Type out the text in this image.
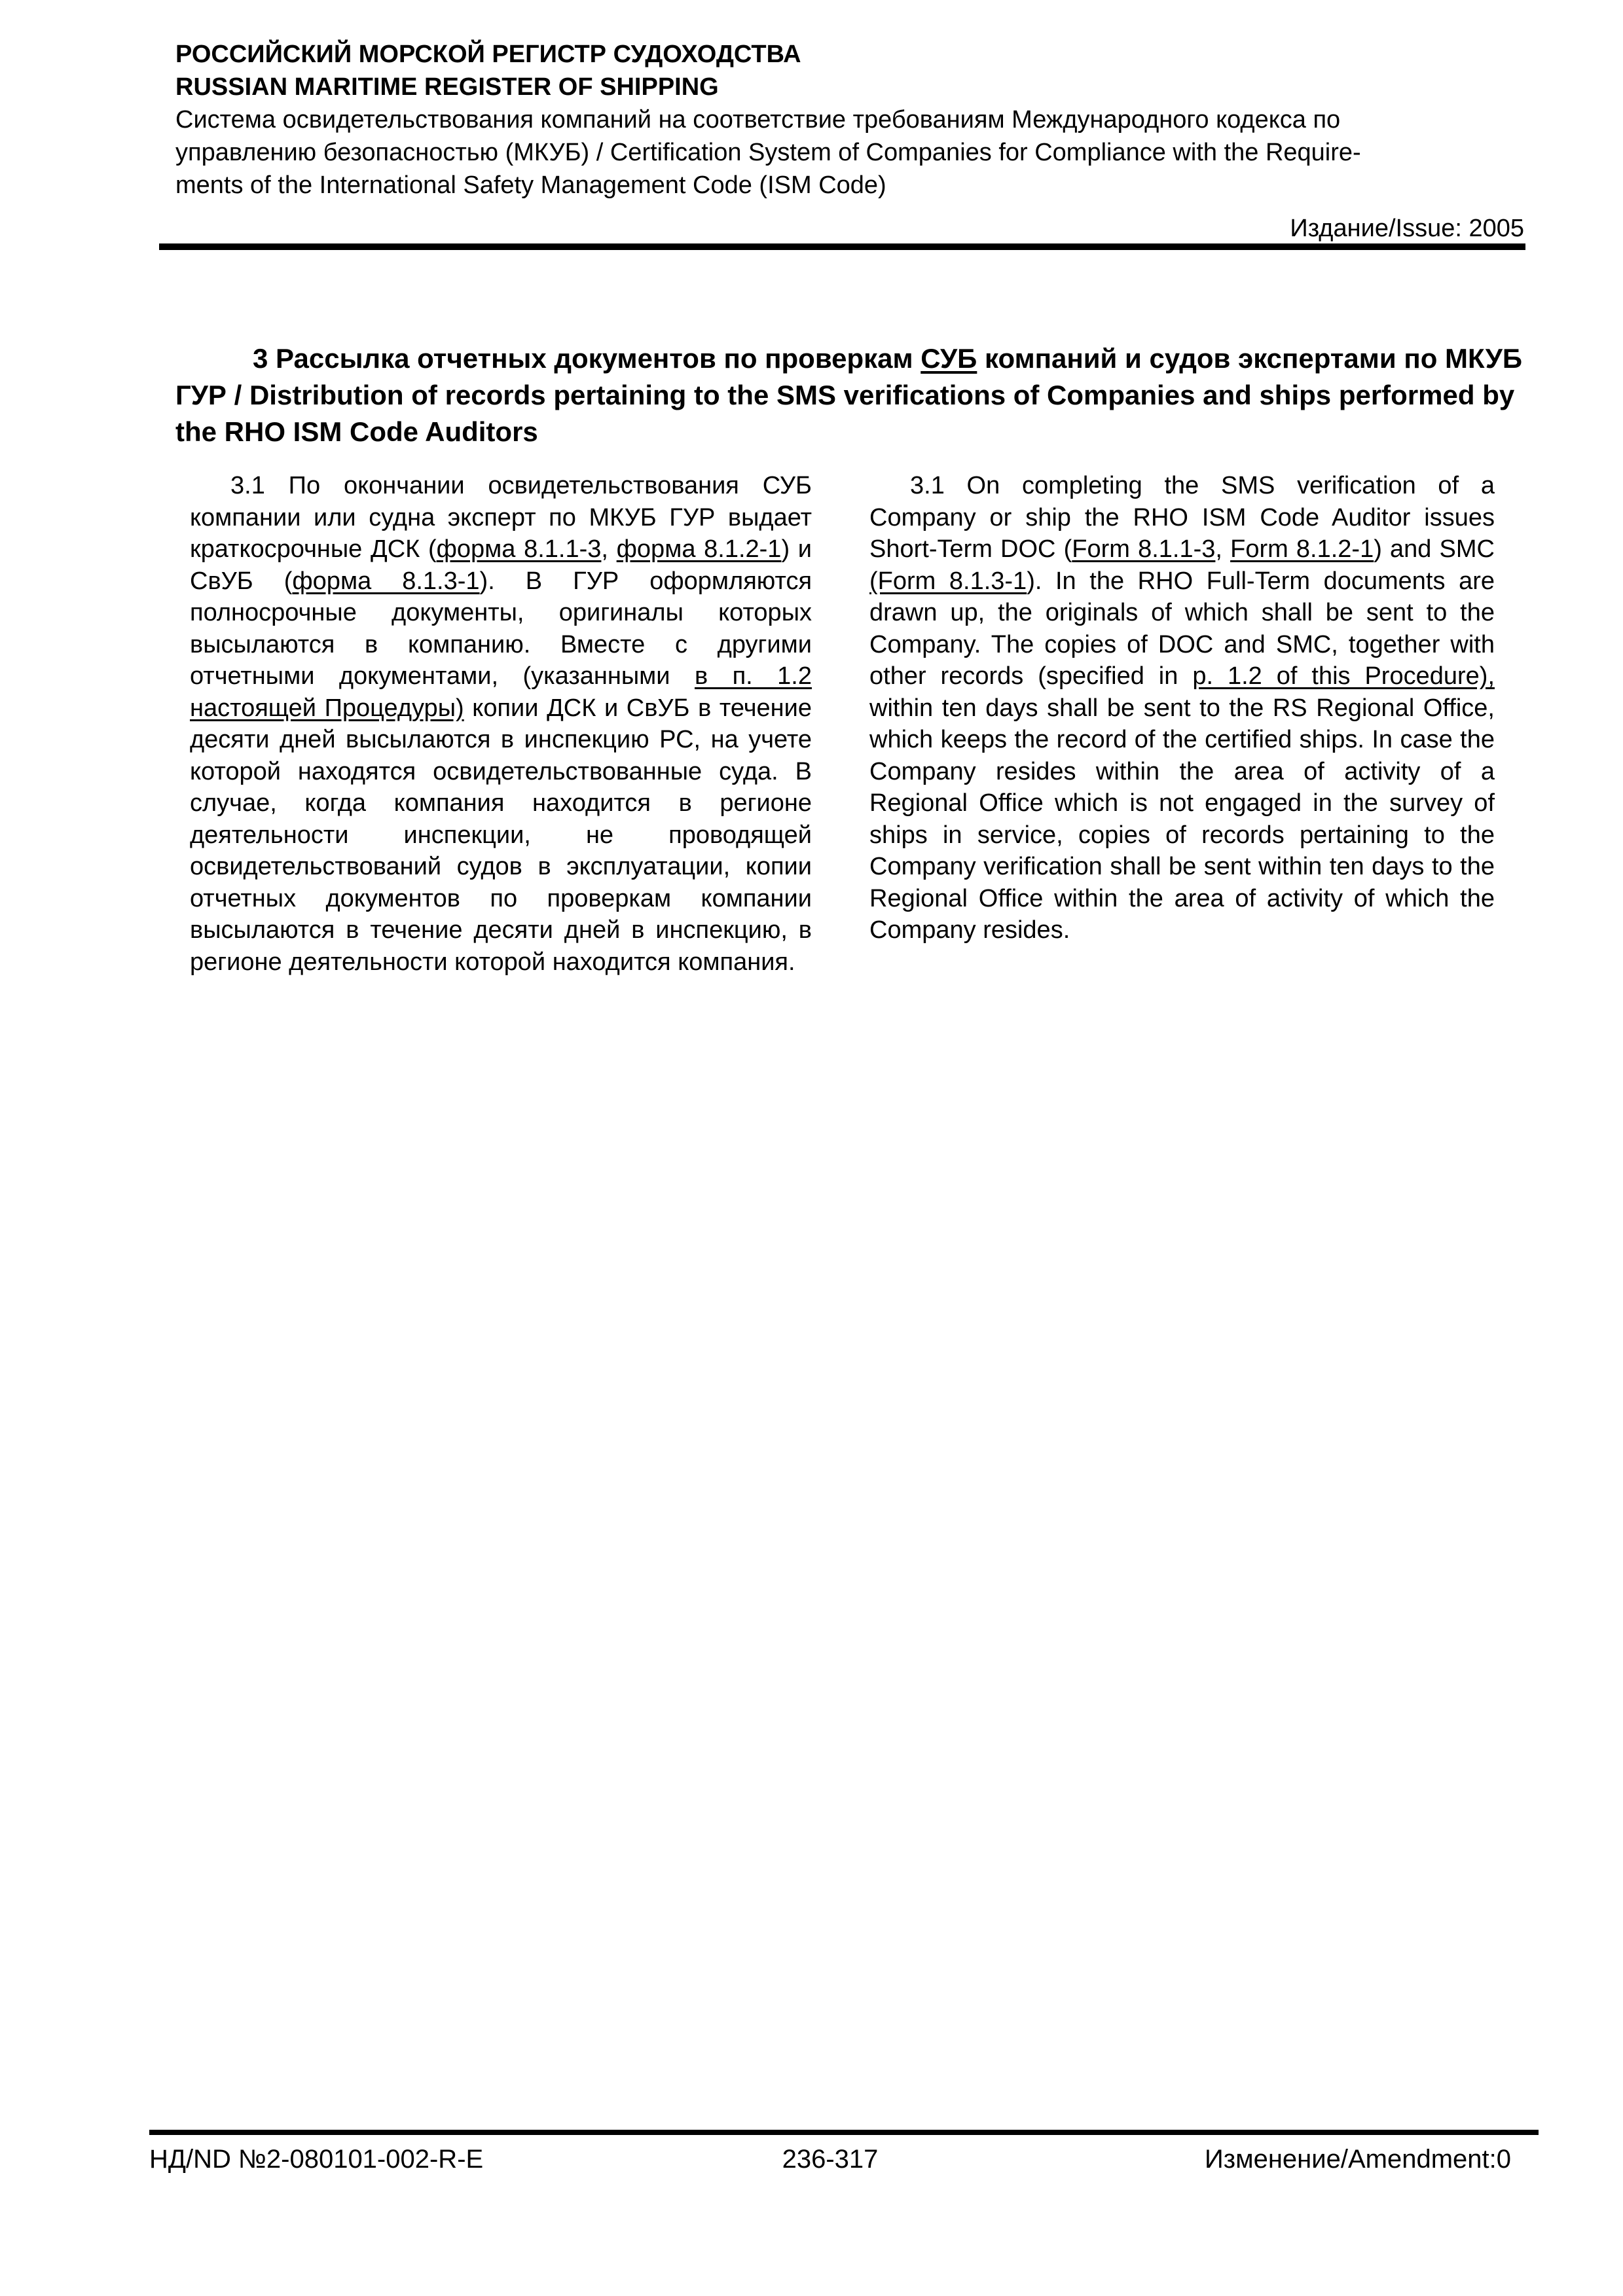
РОССИЙСКИЙ МОРСКОЙ РЕГИСТР СУДОХОДСТВА
RUSSIAN MARITIME REGISTER OF SHIPPING
Система освидетельствования компаний на соответствие требованиям Международного кодекса по
управлению безопасностью (МКУБ) / Certification System of Companies for Compliance with the Require-
ments of the International Safety Management Code (ISM Code)
Издание/Issue: 2005
3 Рассылка отчетных документов по проверкам СУБ компаний и судов экспертами по МКУБ ГУР / Distribution of records pertaining to the SMS verifications of Companies and ships performed by the RHO ISM Code Auditors

3.1 По окончании освидетельствования СУБ компании или судна эксперт по МКУБ ГУР выдает краткосрочные ДСК (форма 8.1.1-3, форма 8.1.2-1) и СвУБ (форма 8.1.3-1). В ГУР оформляются полносрочные документы, оригиналы которых высылаются в компанию. Вместе с другими отчетными документами, (указанными в п. 1.2 настоящей Процедуры) копии ДСК и СвУБ в течение десяти дней высылаются в инспекцию РС, на учете которой находятся освидетельствованные суда. В случае, когда компания находится в регионе деятельности инспекции, не проводящей освидетельствований судов в эксплуатации, копии отчетных документов по проверкам компании высылаются в течение десяти дней в инспекцию, в регионе деятельности которой находится компания.

3.1 On completing the SMS verification of a Company or ship the RHO ISM Code Auditor issues Short-Term DOC (Form 8.1.1-3, Form 8.1.2-1) and SMC (Form 8.1.3-1). In the RHO Full-Term documents are drawn up, the originals of which shall be sent to the Company. The copies of DOC and SMC, together with other records (specified in p. 1.2 of this Procedure), within ten days shall be sent to the RS Regional Office, which keeps the record of the certified ships. In case the Company resides within the area of activity of a Regional Office which is not engaged in the survey of ships in service, copies of records pertaining to the Company verification shall be sent within ten days to the Regional Office within the area of activity of which the Company resides.

236-317
НД/ND №2-080101-002-R-E	Изменение/Amendment:0
